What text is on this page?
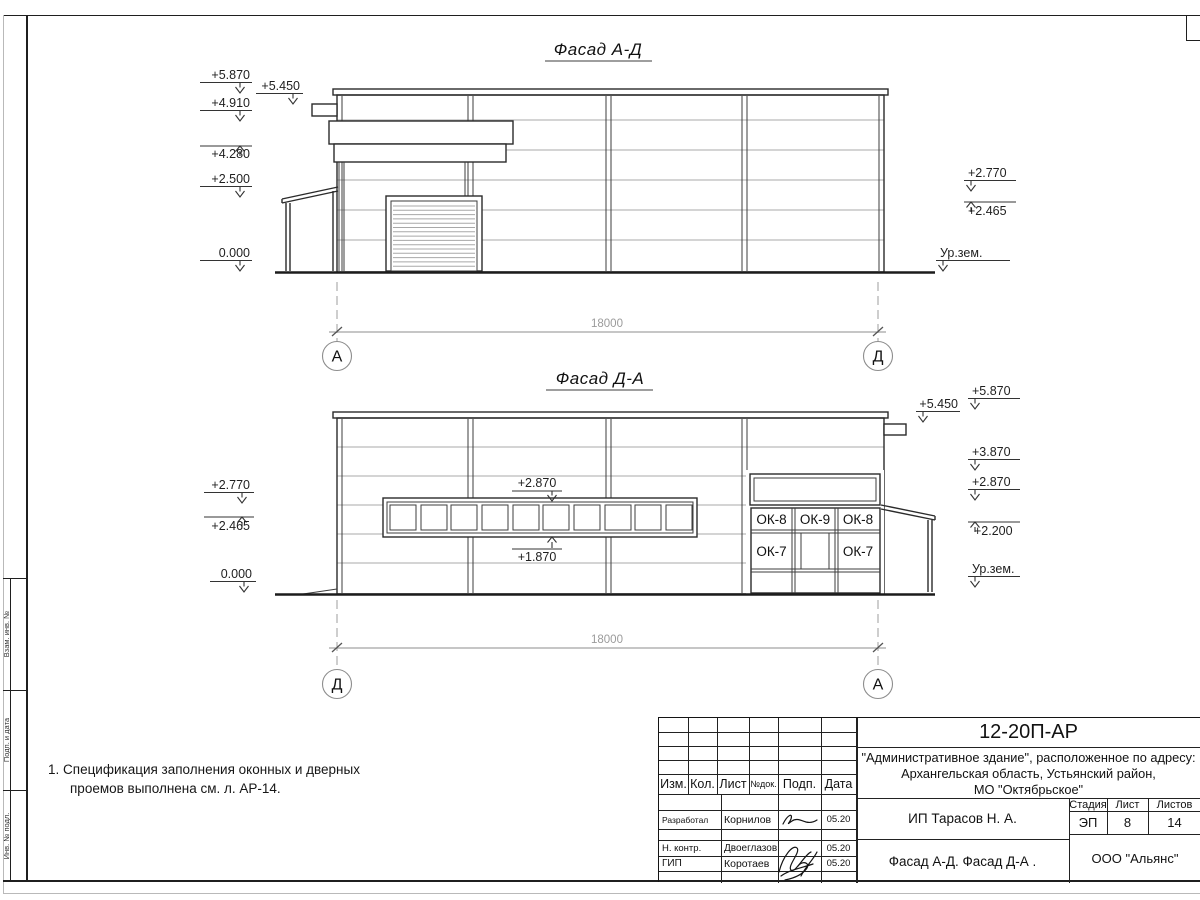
Взам. инв. №
Подп. и дата
Инв. № подл.
Фасад А-Д
+5.870
+4.910
+4.280
+2.500
0.000
+5.450
+2.770
+2.465
Ур.зем.
18000
А	Д
Фасад Д-А
ОК-8 ОК-9 ОК-8
ОК-7	ОК-7
+2.870
+1.870
+2.770
+2.465
0.000
+5.870
+5.450
+3.870
+2.870
+2.200
Ур.зем.
18000
Д	А
1. Спецификация заполнения оконных и дверных
проемов выполнена см. л. АР-14.	Изм. Кол. Лист №док. Подп. Дата
Разработал	Корнилов	05.20
Н. контр.	Двоеглазов	05.20
ГИП	Коротаев	05.20
12-20П-АР
"Административное здание", расположенное по адресу:
Архангельская область, Устьянский район,
МО "Октябрьское"
ИП Тарасов Н. А.
Фасад А-Д. Фасад Д-А .
Стадия Лист	Листов
ЭП	8	14
ООО "Альянс"
